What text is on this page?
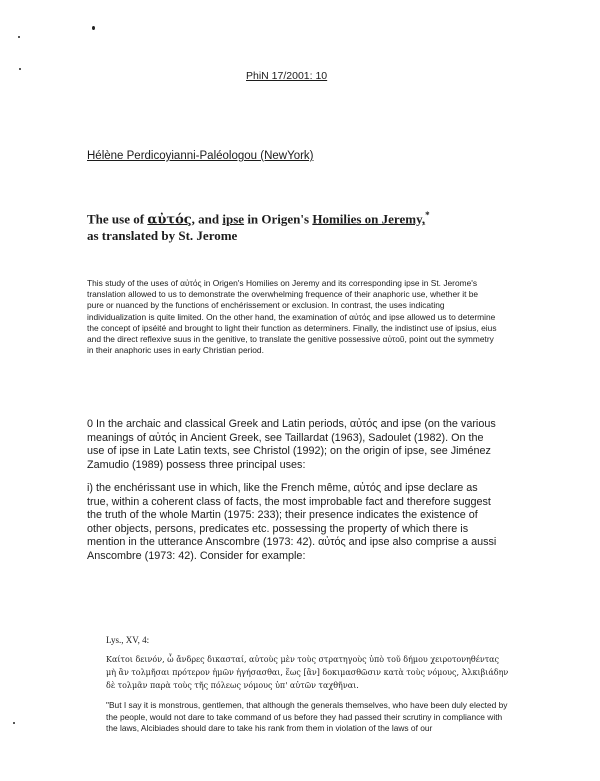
PhiN 17/2001: 10
Hélène Perdicoyianni-Paléologou (NewYork)
The use of αὐτός, and ipse in Origen's Homilies on Jeremy,*
as translated by St. Jerome

This study of the uses of αὐτός in Origen's Homilies on Jeremy and its corresponding ipse in St. Jerome's translation allowed to us to demonstrate the overwhelming frequence of their anaphoric use, whether it be pure or nuanced by the functions of enchérissement or exclusion. In contrast, the uses indicating individualization is quite limited. On the other hand, the examination of αὐτός and ipse allowed us to determine the concept of ipséité and brought to light their function as determiners. Finally, the indistinct use of ipsius, eius and the direct reflexive suus in the genitive, to translate the genitive possessive αὐτοῦ, point out the symmetry in their anaphoric uses in early Christian period.

0 In the archaic and classical Greek and Latin periods, αὐτός and ipse (on the various meanings of αὐτός in Ancient Greek, see Taillardat (1963), Sadoulet (1982). On the use of ipse in Late Latin texts, see Christol (1992); on the origin of ipse, see Jiménez Zamudio (1989) possess three principal uses:

i) the enchérissant use in which, like the French même, αὐτός and ipse declare as true, within a coherent class of facts, the most improbable fact and therefore suggest the truth of the whole Martin (1975: 233); their presence indicates the existence of other objects, persons, predicates etc. possessing the property of which there is mention in the utterance Anscombre (1973: 42). αὐτός and ipse also comprise a aussi Anscombre (1973: 42). Consider for example:

Lys., XV, 4:
Καίτοι δεινόν, ὦ ἄνδρες δικασταί, αὐτοὺς μὲν τοὺς στρατηγοὺς ὑπὸ τοῦ δήμου χειροτονηθέντας μὴ ἂν τολμῆσαι πρότερον ἡμῶν ἡγήσασθαι, ἕως [ἂν] δοκιμασθῶσιν κατὰ τοὺς νόμους, Ἀλκιβιάδην δὲ τολμᾶν παρὰ τοὺς τῆς πόλεως νόμους ὑπ' αὐτῶν ταχθῆναι.
"But I say it is monstrous, gentlemen, that although the generals themselves, who have been duly elected by the people, would not dare to take command of us before they had passed their scrutiny in compliance with the laws, Alcibiades should dare to take his rank from them in violation of the laws of our
